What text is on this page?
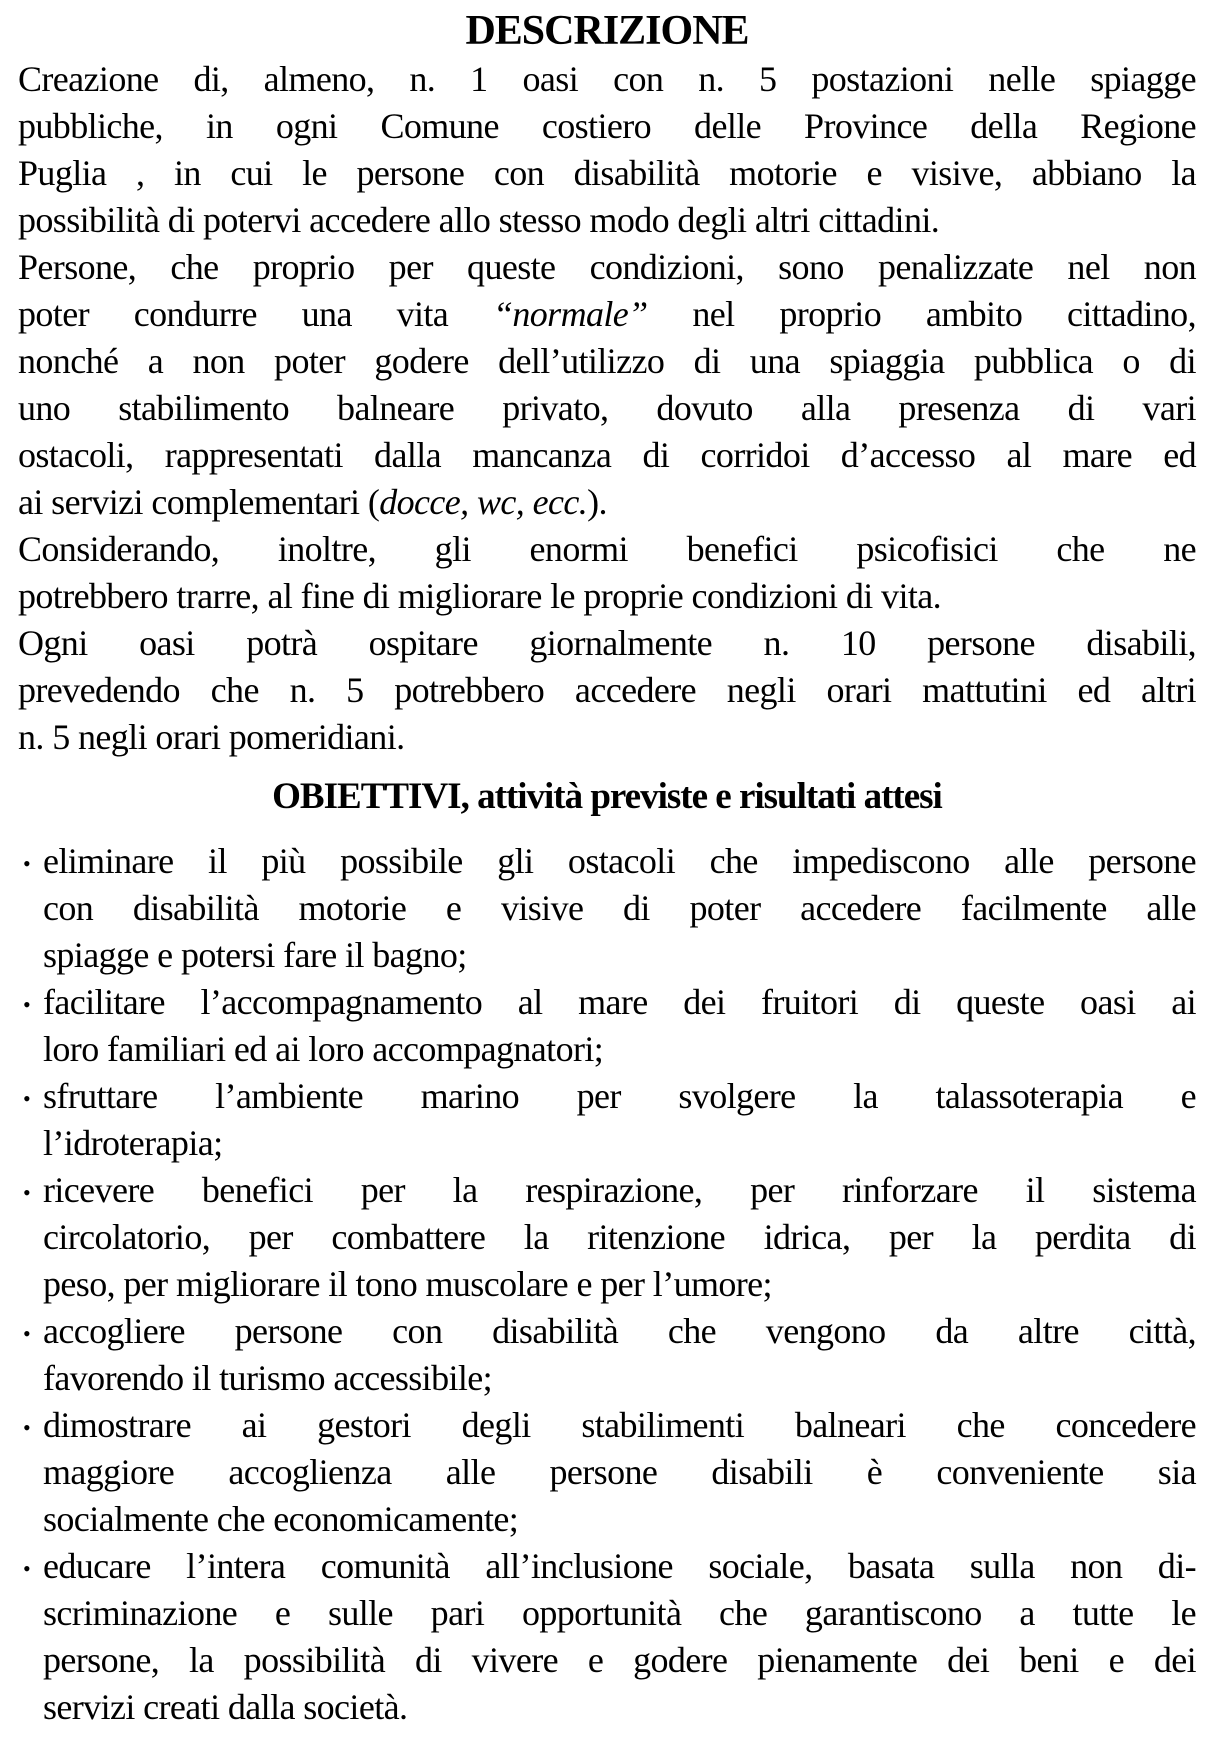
DESCRIZIONE

Creazione di, almeno, n. 1 oasi con n. 5 postazioni nelle spiagge
pubbliche, in ogni Comune costiero delle Province della Regione
Puglia , in cui le persone con disabilità motorie e visive, abbiano la
possibilità di potervi accedere allo stesso modo degli altri cittadini.

Persone, che proprio per queste condizioni, sono penalizzate nel non
poter condurre una vita “normale” nel proprio ambito cittadino,
nonché a non poter godere dell’utilizzo di una spiaggia pubblica o di
uno stabilimento balneare privato, dovuto alla presenza di vari
ostacoli, rappresentati dalla mancanza di corridoi d’accesso al mare ed
ai servizi complementari (docce, wc, ecc.).

Considerando, inoltre, gli enormi benefici psicofisici che ne
potrebbero trarre, al fine di migliorare le proprie condizioni di vita.

Ogni oasi potrà ospitare giornalmente n. 10 persone disabili,
prevedendo che n. 5 potrebbero accedere negli orari mattutini ed altri
n. 5 negli orari pomeridiani.

OBIETTIVI, attività previste e risultati attesi
• eliminare il più possibile gli ostacoli che impediscono alle persone
con disabilità motorie e visive di poter accedere facilmente alle
spiagge e potersi fare il bagno;
• facilitare l’accompagnamento al mare dei fruitori di queste oasi ai
loro familiari ed ai loro accompagnatori;
• sfruttare l’ambiente marino per svolgere la talassoterapia e
l’idroterapia;
• ricevere benefici per la respirazione, per rinforzare il sistema
circolatorio, per combattere la ritenzione idrica, per la perdita di
peso, per migliorare il tono muscolare e per l’umore;
• accogliere persone con disabilità che vengono da altre città,
favorendo il turismo accessibile;
• dimostrare ai gestori degli stabilimenti balneari che concedere
maggiore accoglienza alle persone disabili è conveniente sia
socialmente che economicamente;
• educare l’intera comunità all’inclusione sociale, basata sulla non di-
scriminazione e sulle pari opportunità che garantiscono a tutte le
persone, la possibilità di vivere e godere pienamente dei beni e dei
servizi creati dalla società.
